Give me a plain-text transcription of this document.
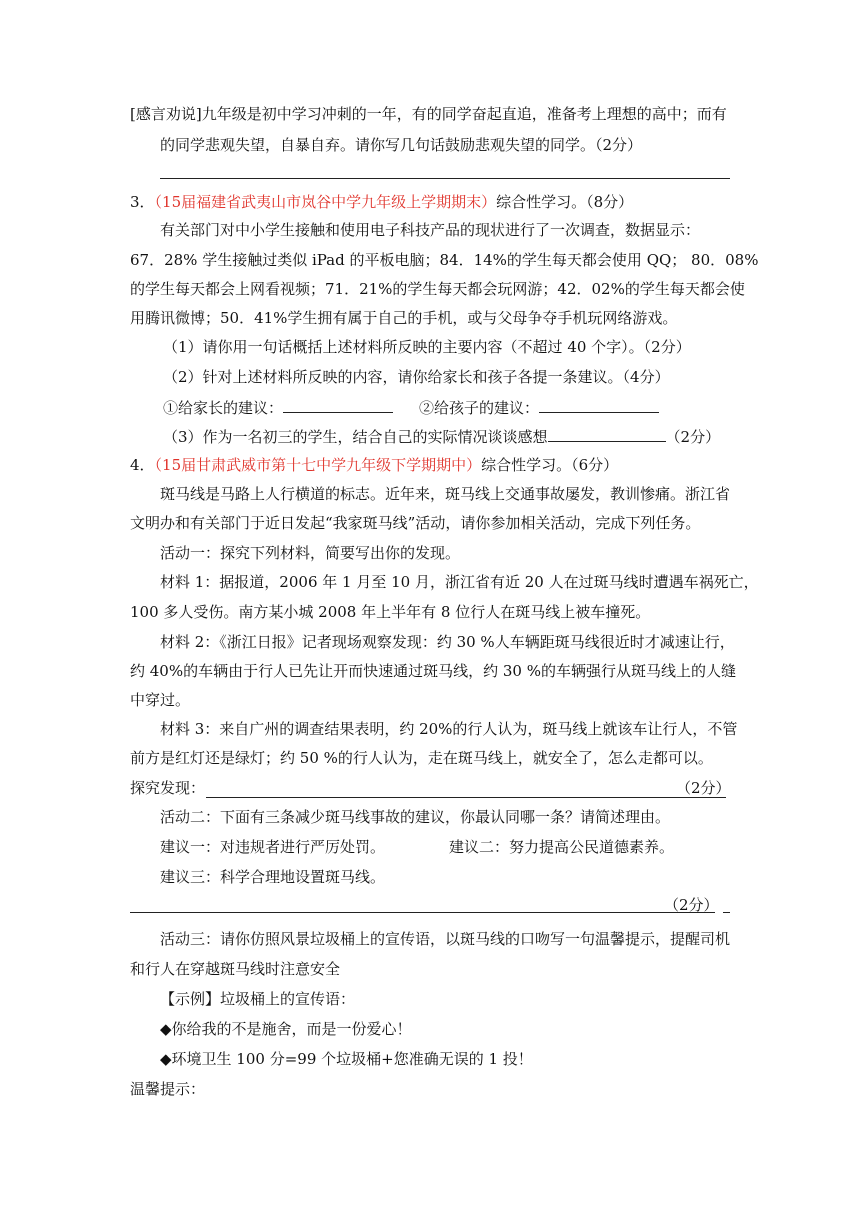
[感言劝说]九年级是初中学习冲刺的一年，有的同学奋起直追，准备考上理想的高中；而有
的同学悲观失望，自暴自弃。请你写几句话鼓励悲观失望的同学。（2分）
3．（15届福建省武夷山市岚谷中学九年级上学期期末）综合性学习。（8分）
有关部门对中小学生接触和使用电子科技产品的现状进行了一次调查，数据显示：
67．28% 学生接触过类似 iPad 的平板电脑；84．14%的学生每天都会使用 QQ； 80．08%
的学生每天都会上网看视频；71．21%的学生每天都会玩网游；42．02%的学生每天都会使
用腾讯微博；50．41%学生拥有属于自己的手机，或与父母争夺手机玩网络游戏。
（1）请你用一句话概括上述材料所反映的主要内容（不超过 40 个字）。（2分）
（2）针对上述材料所反映的内容，请你给家长和孩子各提一条建议。（4分）
①给家长的建议：	②给孩子的建议：
（3）作为一名初三的学生，结合自己的实际情况谈谈感想	（2分）
4．（15届甘肃武威市第十七中学九年级下学期期中）综合性学习。（6分）
斑马线是马路上人行横道的标志。近年来，斑马线上交通事故屡发，教训惨痛。浙江省
文明办和有关部门于近日发起“我家斑马线”活动，请你参加相关活动，完成下列任务。
活动一：探究下列材料，简要写出你的发现。
材料 1：据报道，2006 年 1 月至 10 月，浙江省有近 20 人在过斑马线时遭遇车祸死亡，
100 多人受伤。南方某小城 2008 年上半年有 8 位行人在斑马线上被车撞死。
材料 2：《浙江日报》记者现场观察发现：约 30 %人车辆距斑马线很近时才减速让行，
约 40%的车辆由于行人已先让开而快速通过斑马线，约 30 %的车辆强行从斑马线上的人缝
中穿过。
材料 3：来自广州的调查结果表明，约 20%的行人认为，斑马线上就该车让行人，不管
前方是红灯还是绿灯；约 50 %的行人认为，走在斑马线上，就安全了，怎么走都可以。
探究发现：	（2分）
活动二：下面有三条减少斑马线事故的建议，你最认同哪一条？请简述理由。
建议一：对违规者进行严厉处罚。	建议二：努力提高公民道德素养。
建议三：科学合理地设置斑马线。
（2分）
活动三：请你仿照风景垃圾桶上的宣传语，以斑马线的口吻写一句温馨提示，提醒司机
和行人在穿越斑马线时注意安全
【示例】垃圾桶上的宣传语：
◆你给我的不是施舍，而是一份爱心！
◆环境卫生 100 分=99 个垃圾桶+您准确无误的 1 投！
温馨提示：
